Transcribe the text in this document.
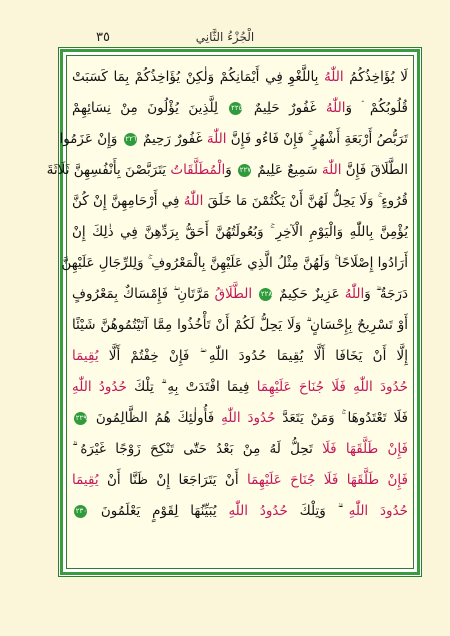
٣٥	الْجُزْءُ الثَّانِي
لَا يُؤَاخِذُكُمُ اللّٰهُ بِاللَّغْوِ فِي أَيْمَانِكُمْ وَلٰكِنْ يُؤَاخِذُكُمْ بِمَا كَسَبَتْ
قُلُوبُكُمْ ۘ وَاللّٰهُ غَفُورٌ حَلِيمٌ ٢٢٥ لِلَّذِينَ يُؤْلُونَ مِنْ نِسَائِهِمْ
تَرَبُّصُ أَرْبَعَةِ أَشْهُرٍ ۚ فَإِنْ فَاءُو فَإِنَّ اللّٰهَ غَفُورٌ رَحِيمٌ ٢٢٦ وَإِنْ عَزَمُوا
الطَّلَاقَ فَإِنَّ اللّٰهَ سَمِيعٌ عَلِيمٌ ٢٢٧ وَالْمُطَلَّقَاتُ يَتَرَبَّصْنَ بِأَنْفُسِهِنَّ ثَلَاثَةَ
قُرُوءٍ ۚ وَلَا يَحِلُّ لَهُنَّ أَنْ يَكْتُمْنَ مَا خَلَقَ اللّٰهُ فِي أَرْحَامِهِنَّ إِنْ كُنَّ
يُؤْمِنَّ بِاللّٰهِ وَالْيَوْمِ الْآخِرِ ۚ وَبُعُولَتُهُنَّ أَحَقُّ بِرَدِّهِنَّ فِي ذٰلِكَ إِنْ
أَرَادُوا إِصْلَاحًا ۚ وَلَهُنَّ مِثْلُ الَّذِي عَلَيْهِنَّ بِالْمَعْرُوفِ ۚ وَلِلرِّجَالِ عَلَيْهِنَّ
دَرَجَةٌ ۗ وَاللّٰهُ عَزِيزٌ حَكِيمٌ ٢٢٨ الطَّلَاقُ مَرَّتَانِ ۖ فَإِمْسَاكٌ بِمَعْرُوفٍ
أَوْ تَسْرِيحٌ بِإِحْسَانٍ ۗ وَلَا يَحِلُّ لَكُمْ أَنْ تَأْخُذُوا مِمَّا آتَيْتُمُوهُنَّ شَيْئًا
إِلَّا أَنْ يَخَافَا أَلَّا يُقِيمَا حُدُودَ اللّٰهِ ۖ فَإِنْ خِفْتُمْ أَلَّا يُقِيمَا
حُدُودَ اللّٰهِ فَلَا جُنَاحَ عَلَيْهِمَا فِيمَا افْتَدَتْ بِهِ ۗ تِلْكَ حُدُودُ اللّٰهِ
فَلَا تَعْتَدُوهَا ۚ وَمَنْ يَتَعَدَّ حُدُودَ اللّٰهِ فَأُولٰئِكَ هُمُ الظَّالِمُونَ ٢٢٩
فَإِنْ طَلَّقَهَا فَلَا تَحِلُّ لَهُ مِنْ بَعْدُ حَتّٰى تَنْكِحَ زَوْجًا غَيْرَهُ ۗ
فَإِنْ طَلَّقَهَا فَلَا جُنَاحَ عَلَيْهِمَا أَنْ يَتَرَاجَعَا إِنْ ظَنَّا أَنْ يُقِيمَا
حُدُودَ اللّٰهِ ۗ وَتِلْكَ حُدُودُ اللّٰهِ يُبَيِّنُهَا لِقَوْمٍ يَعْلَمُونَ ٢٣٠
